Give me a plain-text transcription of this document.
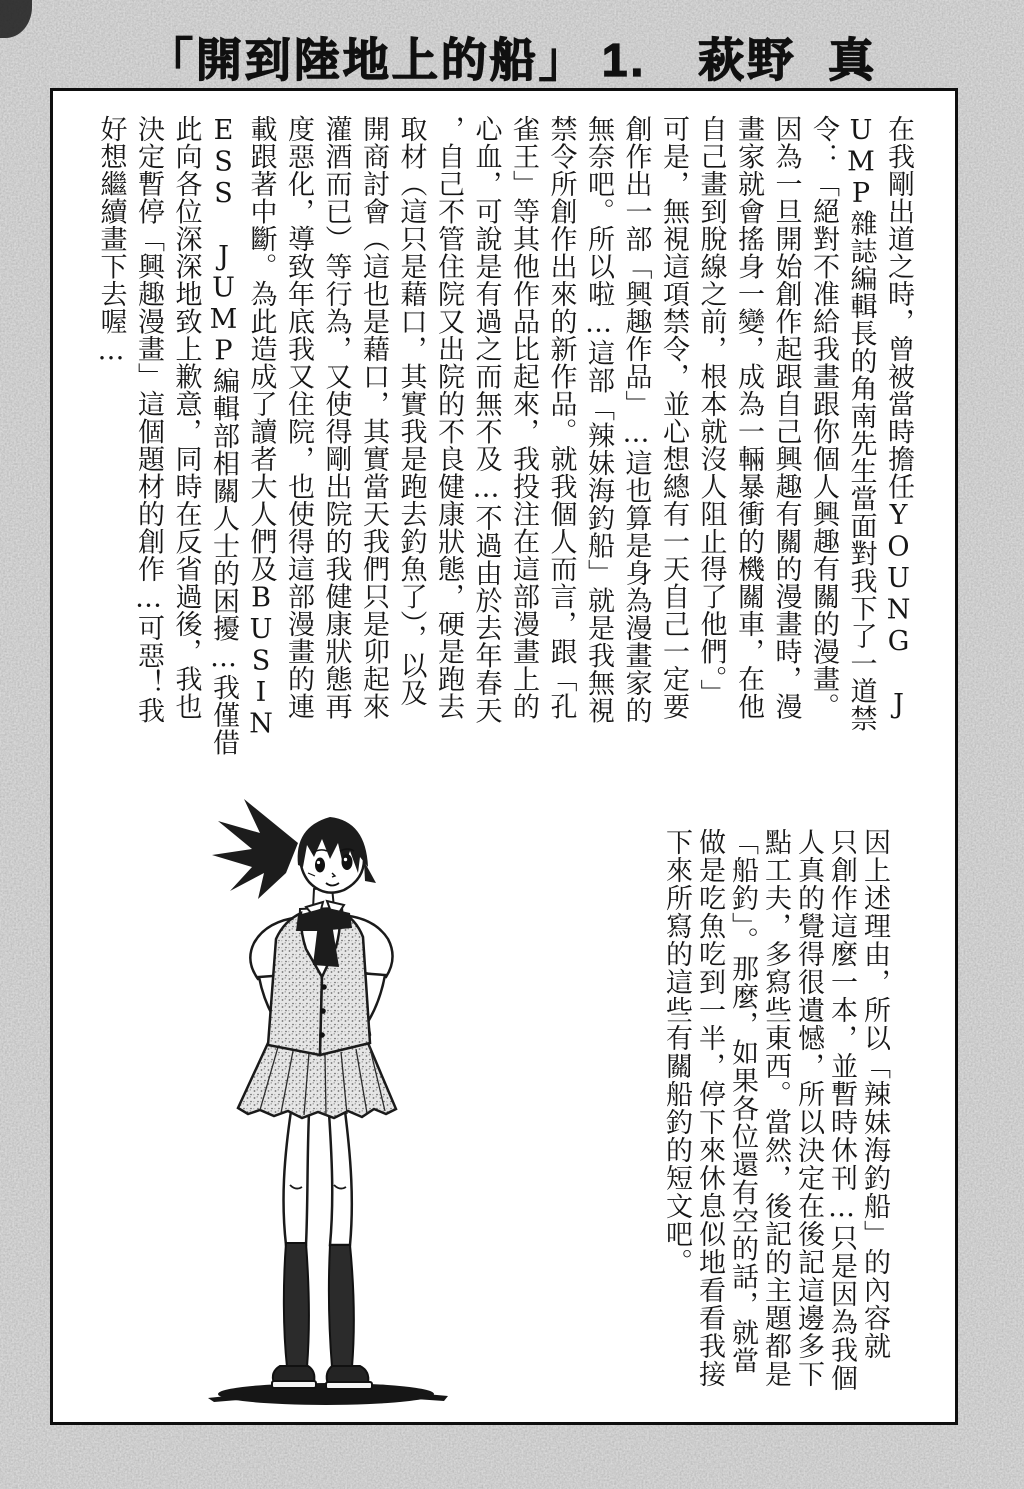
「開到陸地上的船」 1. 萩野 真
在我剛出道之時，曾被當時擔任YOUNG J
UMP雜誌編輯長的角南先生當面對我下了一道禁
令：「絕對不准給我畫跟你個人興趣有關的漫畫。
因為一旦開始創作起跟自己興趣有關的漫畫時，漫
畫家就會搖身一變，成為一輛暴衝的機關車，在他
自己畫到脫線之前，根本就沒人阻止得了他們。」
可是，無視這項禁令，並心想總有一天自己一定要
創作出一部「興趣作品」…這也算是身為漫畫家的
無奈吧。所以啦…這部「辣妹海釣船」就是我無視
禁令所創作出來的新作品。就我個人而言，跟「孔
雀王」等其他作品比起來，我投注在這部漫畫上的
心血，可說是有過之而無不及…不過由於去年春天
，自己不管住院又出院的不良健康狀態，硬是跑去
取材（這只是藉口，其實我是跑去釣魚了），以及
開商討會（這也是藉口，其實當天我們只是卯起來
灌酒而已）等行為，又使得剛出院的我健康狀態再
度惡化，導致年底我又住院，也使得這部漫畫的連
載跟著中斷。為此造成了讀者大人們及BUSIN
ESS JUMP編輯部相關人士的困擾…我僅借
此向各位深深地致上歉意，同時在反省過後，我也
決定暫停「興趣漫畫」這個題材的創作…可惡！我
好想繼續畫下去喔…
因上述理由，所以「辣妹海釣船」的內容就
只創作這麼一本，並暫時休刊…只是因為我個
人真的覺得很遺憾，所以決定在後記這邊多下
點工夫，多寫些東西。當然，後記的主題都是
「船釣」。那麼，如果各位還有空的話，就當
做是吃魚吃到一半，停下來休息似地看看我接
下來所寫的這些有關船釣的短文吧。
